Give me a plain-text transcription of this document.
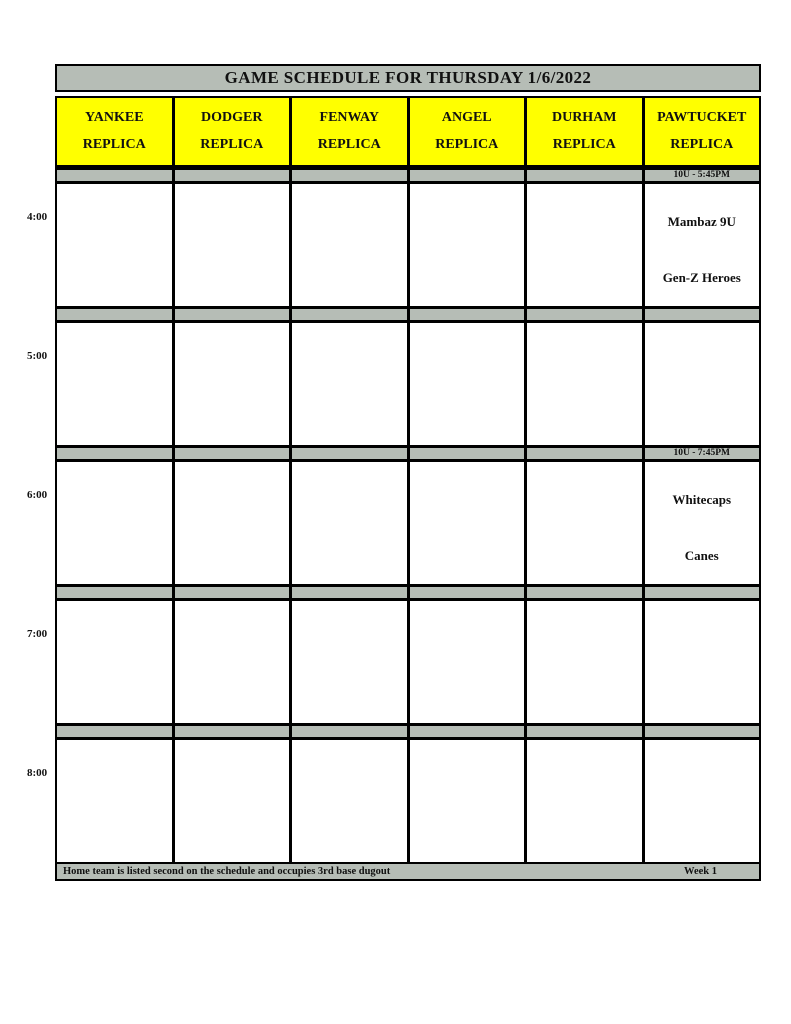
GAME SCHEDULE FOR THURSDAY 1/6/2022
YANKEE
REPLICA
DODGER
REPLICA
FENWAY
REPLICA
ANGEL
REPLICA
DURHAM
REPLICA
PAWTUCKET
REPLICA
4:00
10U - 5:45PM
Mambaz 9U
Gen-Z Heroes
5:00
6:00
10U - 7:45PM
Whitecaps
Canes
7:00
8:00
Home team is listed second on the schedule and occupies 3rd base dugout	Week 1
